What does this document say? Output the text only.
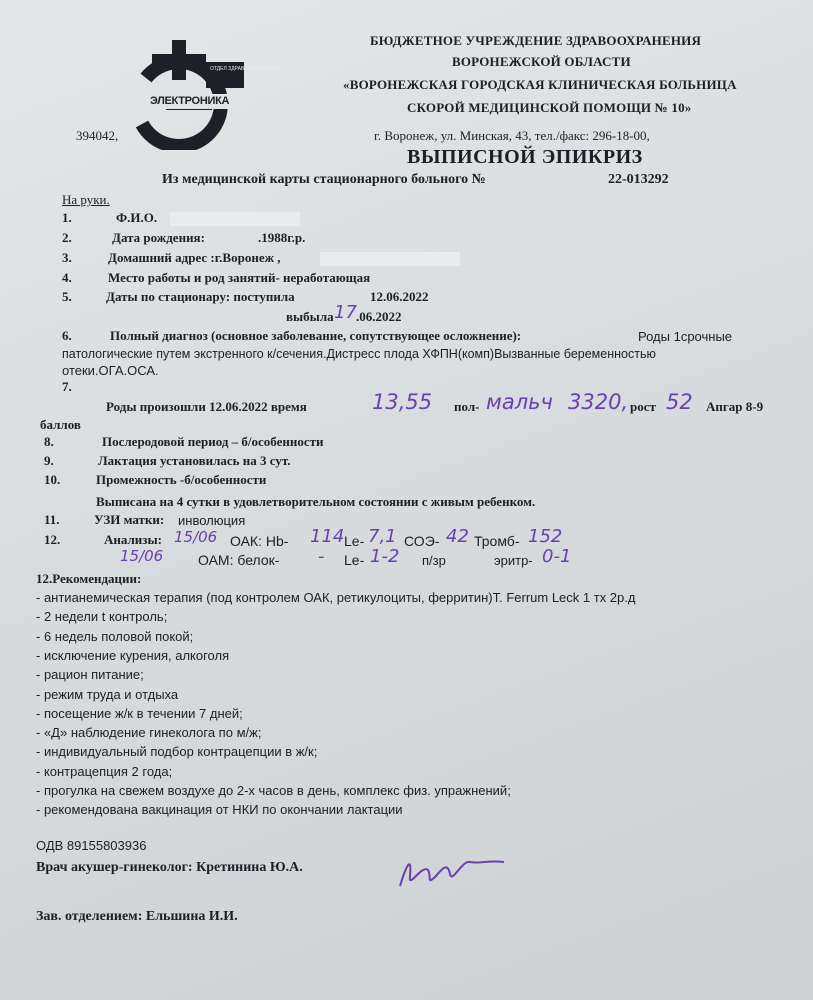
ОТДЕЛ ЗДРАВООХРАНЕНИЯ
ЭЛЕКТРОНИКА
БЮДЖЕТНОЕ УЧРЕЖДЕНИЕ ЗДРАВООХРАНЕНИЯ
ВОРОНЕЖСКОЙ ОБЛАСТИ
«ВОРОНЕЖСКАЯ ГОРОДСКАЯ КЛИНИЧЕСКАЯ БОЛЬНИЦА
СКОРОЙ МЕДИЦИНСКОЙ ПОМОЩИ № 10»
394042,	г. Воронеж, ул. Минская, 43, тел./факс: 296-18-00,
ВЫПИСНОЙ ЭПИКРИЗ
Из медицинской карты стационарного больного №	22-013292
На руки.
1.	Ф.И.О.
2.	Дата рождения:	.1988г.р.
3.	Домашний адрес :г.Воронеж ,
4.	Место работы и род занятий- неработающая
5.	Даты по стационару: поступила	12.06.2022
выбыла 17 .06.2022
6.	Полный диагноз (основное заболевание, сопутствующее осложнение):	Роды 1срочные
патологические путем экстренного к/сечения.Дистресс плода ХФПН(комп)Вызванные беременностью
отеки.ОГА.ОСА.
7.
Роды произошли 12.06.2022 время	13,55 пол- мальч 3320, рост 52 Апгар 8-9
баллов
8.	Послеродовой период – б/особенности
9.	Лактация установилась на 3 сут.
10.	Промежность -б/особенности
Выписана на 4 сутки в удовлетворительном состоянии с живым ребенком.
11.	УЗИ матки: инволюция
12.	Анализы: 15/06 ОАК: Hb- 114 Le- 7,1 СОЭ- 42 Тромб- 152
15/06 ОАМ: белок- - Le- 1-2 п/зр	эритр- 0-1
12.Рекомендации:
- антианемическая терапия (под контролем ОАК, ретикулоциты, ферритин)Т. Ferrum Leck 1 тх 2р.д
- 2 недели t контроль;
- 6 недель половой покой;
- исключение курения, алкоголя
- рацион питание;
- режим труда и отдыха
- посещение ж/к в течении 7 дней;
- «Д» наблюдение гинеколога по м/ж;
- индивидуальный подбор контрацепции в ж/к;
- контрацепция 2 года;
- прогулка на свежем воздухе до 2-х часов в день, комплекс физ. упражнений;
- рекомендована вакцинация от НКИ по окончании лактации
ОДВ 89155803936
Врач акушер-гинеколог: Кретинина Ю.А.
Зав. отделением: Ельшина И.И.
